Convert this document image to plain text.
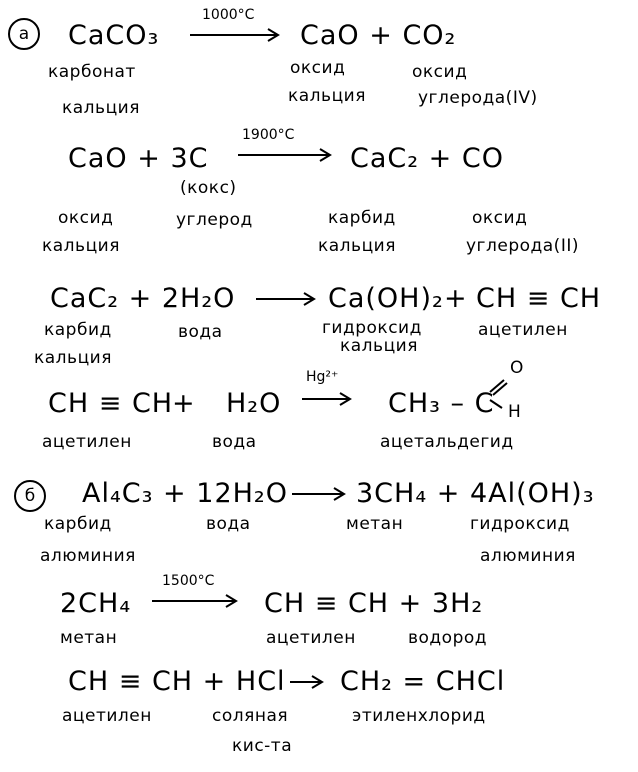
а	CaCO₃
1000°C
CaO + CO₂
карбонат
кальция
оксид
кальция
оксид
углерода(IV)
CaO + 3C
1900°C
CaC₂ + CO
(кокс)
оксид
кальция
углерод	карбид
кальция
оксид
углерода(II)
CaC₂ + 2H₂O	Ca(OH)₂ + CH ≡ CH
карбид
кальция
вода	гидроксид
кальция
ацетилен
CH ≡ CH
+ H₂O
Hg²⁺
CH₃ – C
O
H
ацетилен	вода	ацетальдегид
б	Al₄C₃ + 12H₂O	3CH₄ + 4Al(OH)₃
карбид
алюминия
вода	метан	гидроксид
алюминия
2CH₄
1500°C
CH ≡ CH + 3H₂
метан	ацетилен	водород
CH ≡ CH + HCl CH₂ = CHCl
ацетилен	соляная
кис-та
этиленхлорид
